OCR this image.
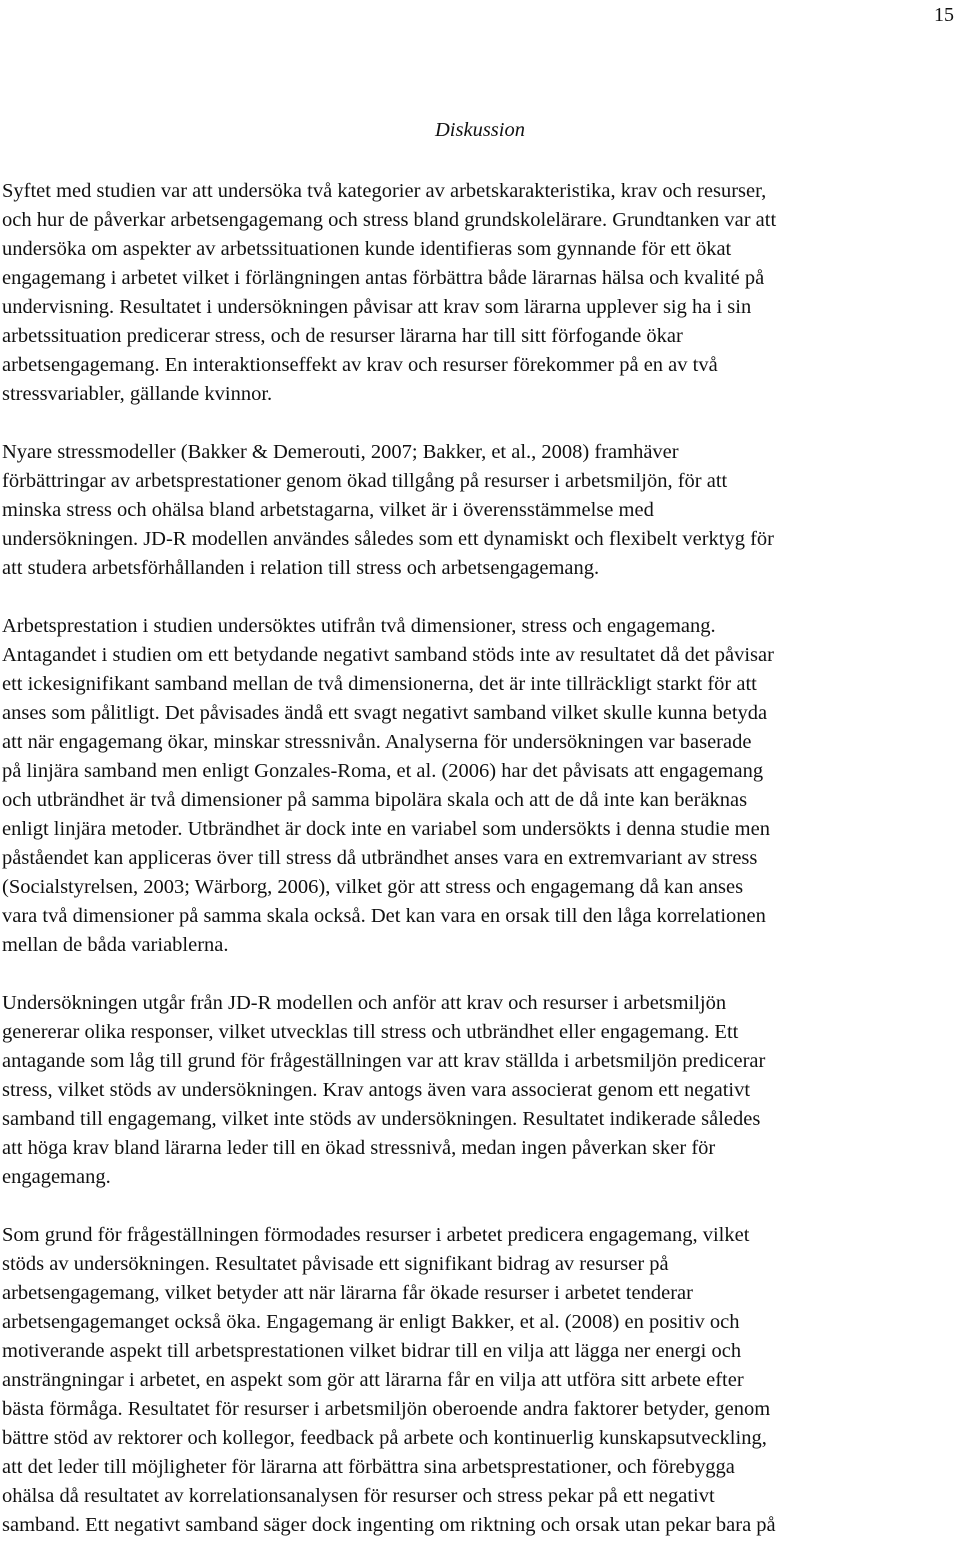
15
Diskussion

Syftet med studien var att undersöka två kategorier av arbetskarakteristika, krav och resurser,
och hur de påverkar arbetsengagemang och stress bland grundskolelärare. Grundtanken var att
undersöka om aspekter av arbetssituationen kunde identifieras som gynnande för ett ökat
engagemang i arbetet vilket i förlängningen antas förbättra både lärarnas hälsa och kvalité på
undervisning. Resultatet i undersökningen påvisar att krav som lärarna upplever sig ha i sin
arbetssituation predicerar stress, och de resurser lärarna har till sitt förfogande ökar
arbetsengagemang. En interaktionseffekt av krav och resurser förekommer på en av två
stressvariabler, gällande kvinnor.

Nyare stressmodeller (Bakker & Demerouti, 2007; Bakker, et al., 2008) framhäver
förbättringar av arbetsprestationer genom ökad tillgång på resurser i arbetsmiljön, för att
minska stress och ohälsa bland arbetstagarna, vilket är i överensstämmelse med
undersökningen. JD-R modellen användes således som ett dynamiskt och flexibelt verktyg för
att studera arbetsförhållanden i relation till stress och arbetsengagemang.

Arbetsprestation i studien undersöktes utifrån två dimensioner, stress och engagemang.
Antagandet i studien om ett betydande negativt samband stöds inte av resultatet då det påvisar
ett ickesignifikant samband mellan de två dimensionerna, det är inte tillräckligt starkt för att
anses som pålitligt. Det påvisades ändå ett svagt negativt samband vilket skulle kunna betyda
att när engagemang ökar, minskar stressnivån. Analyserna för undersökningen var baserade
på linjära samband men enligt Gonzales-Roma, et al. (2006) har det påvisats att engagemang
och utbrändhet är två dimensioner på samma bipolära skala och att de då inte kan beräknas
enligt linjära metoder. Utbrändhet är dock inte en variabel som undersökts i denna studie men
påståendet kan appliceras över till stress då utbrändhet anses vara en extremvariant av stress
(Socialstyrelsen, 2003; Wärborg, 2006), vilket gör att stress och engagemang då kan anses
vara två dimensioner på samma skala också. Det kan vara en orsak till den låga korrelationen
mellan de båda variablerna.

Undersökningen utgår från JD-R modellen och anför att krav och resurser i arbetsmiljön
genererar olika responser, vilket utvecklas till stress och utbrändhet eller engagemang. Ett
antagande som låg till grund för frågeställningen var att krav ställda i arbetsmiljön predicerar
stress, vilket stöds av undersökningen. Krav antogs även vara associerat genom ett negativt
samband till engagemang, vilket inte stöds av undersökningen. Resultatet indikerade således
att höga krav bland lärarna leder till en ökad stressnivå, medan ingen påverkan sker för
engagemang.

Som grund för frågeställningen förmodades resurser i arbetet predicera engagemang, vilket
stöds av undersökningen. Resultatet påvisade ett signifikant bidrag av resurser på
arbetsengagemang, vilket betyder att när lärarna får ökade resurser i arbetet tenderar
arbetsengagemanget också öka. Engagemang är enligt Bakker, et al. (2008) en positiv och
motiverande aspekt till arbetsprestationen vilket bidrar till en vilja att lägga ner energi och
ansträngningar i arbetet, en aspekt som gör att lärarna får en vilja att utföra sitt arbete efter
bästa förmåga. Resultatet för resurser i arbetsmiljön oberoende andra faktorer betyder, genom
bättre stöd av rektorer och kollegor, feedback på arbete och kontinuerlig kunskapsutveckling,
att det leder till möjligheter för lärarna att förbättra sina arbetsprestationer, och förebygga
ohälsa då resultatet av korrelationsanalysen för resurser och stress pekar på ett negativt
samband. Ett negativt samband säger dock ingenting om riktning och orsak utan pekar bara på
